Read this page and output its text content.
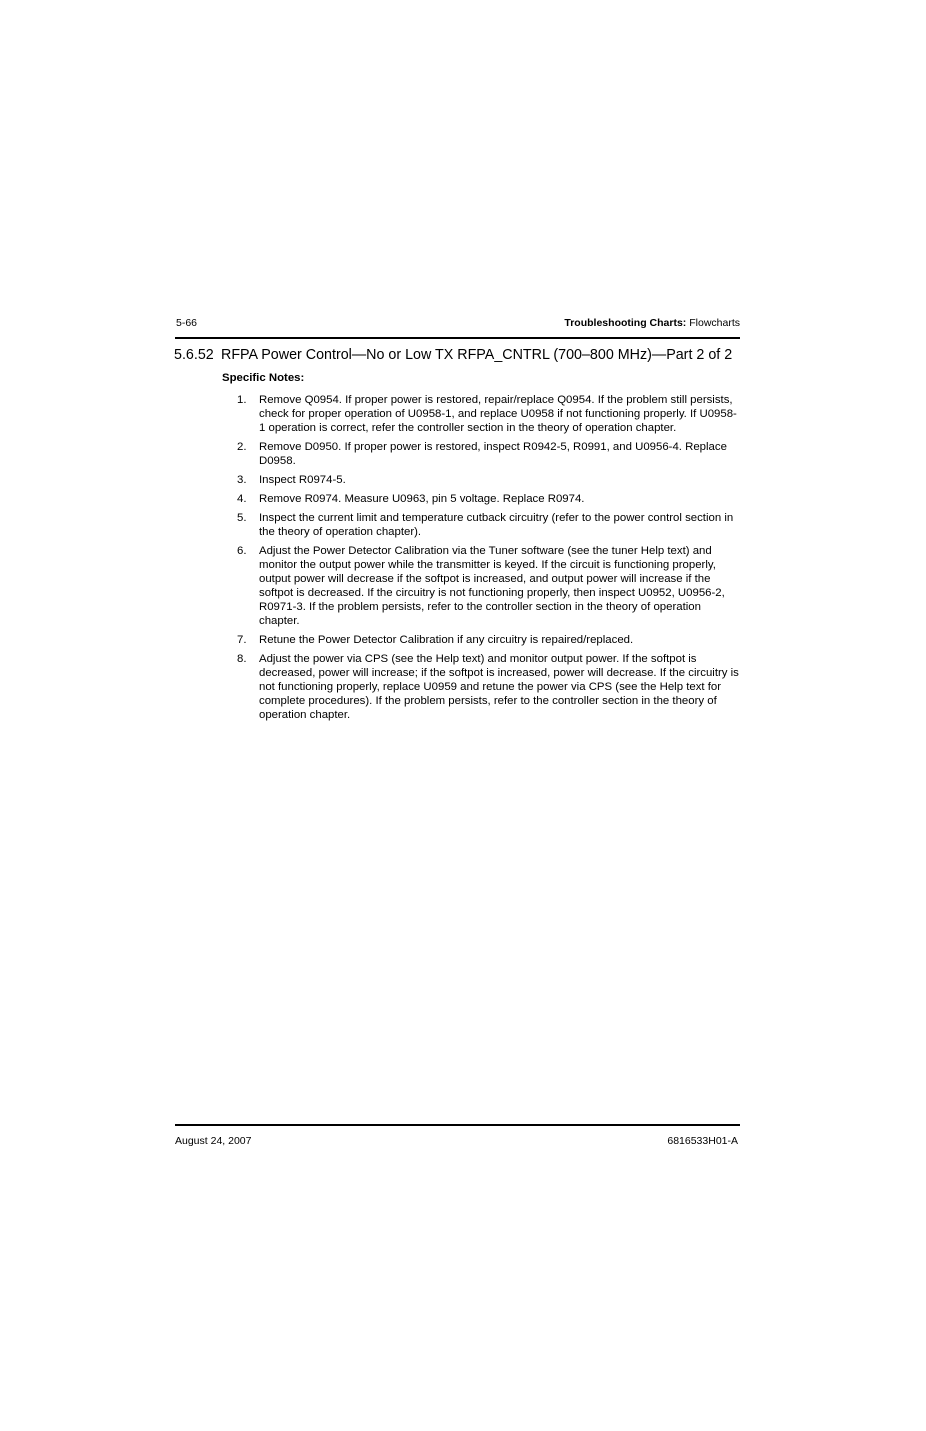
5-66	Troubleshooting Charts: Flowcharts
5.6.52 RFPA Power Control—No or Low TX RFPA_CNTRL (700–800 MHz)—Part 2 of 2

Specific Notes:

1. Remove Q0954. If proper power is restored, repair/replace Q0954. If the problem still persists, check for proper operation of U0958-1, and replace U0958 if not functioning properly. If U0958-1 operation is correct, refer the controller section in the theory of operation chapter.
2. Remove D0950. If proper power is restored, inspect R0942-5, R0991, and U0956-4. Replace D0958.
3. Inspect R0974-5.
4. Remove R0974. Measure U0963, pin 5 voltage. Replace R0974.
5. Inspect the current limit and temperature cutback circuitry (refer to the power control section in the theory of operation chapter).
6. Adjust the Power Detector Calibration via the Tuner software (see the tuner Help text) and monitor the output power while the transmitter is keyed. If the circuit is functioning properly, output power will decrease if the softpot is increased, and output power will increase if the softpot is decreased. If the circuitry is not functioning properly, then inspect U0952, U0956-2, R0971-3. If the problem persists, refer to the controller section in the theory of operation chapter.
7. Retune the Power Detector Calibration if any circuitry is repaired/replaced.
8. Adjust the power via CPS (see the Help text) and monitor output power. If the softpot is decreased, power will increase; if the softpot is increased, power will decrease. If the circuitry is not functioning properly, replace U0959 and retune the power via CPS (see the Help text for complete procedures). If the problem persists, refer to the controller section in the theory of operation chapter.
August 24, 2007	6816533H01-A
